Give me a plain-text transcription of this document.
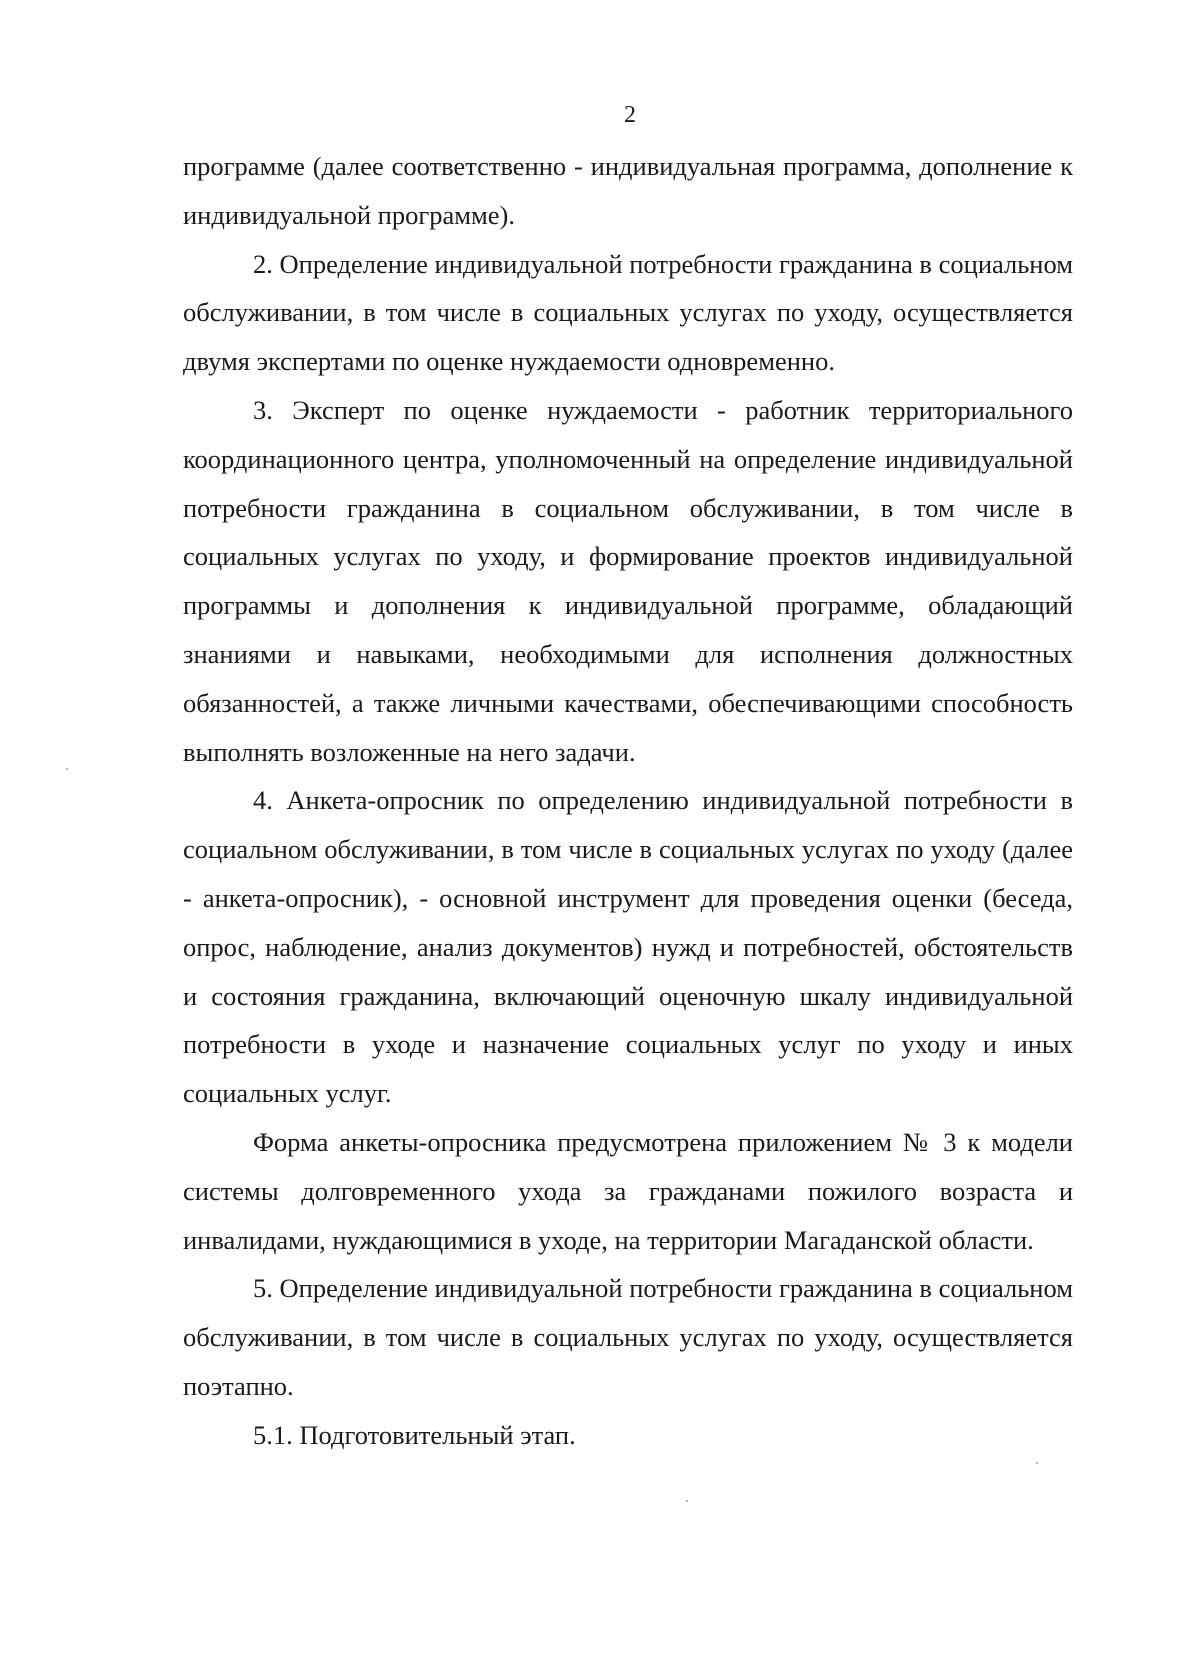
2

программе (далее соответственно - индивидуальная программа, дополнение к индивидуальной программе).

2. Определение индивидуальной потребности гражданина в социальном обслуживании, в том числе в социальных услугах по уходу, осуществляется двумя экспертами по оценке нуждаемости одновременно.

3. Эксперт по оценке нуждаемости - работник территориального координационного центра, уполномоченный на определение индивидуальной потребности гражданина в социальном обслуживании, в том числе в социальных услугах по уходу, и формирование проектов индивидуальной программы и дополнения к индивидуальной программе, обладающий знаниями и навыками, необходимыми для исполнения должностных обязанностей, а также личными качествами, обеспечивающими способность выполнять возложенные на него задачи.

4. Анкета-опросник по определению индивидуальной потребности в социальном обслуживании, в том числе в социальных услугах по уходу (далее - анкета-опросник), - основной инструмент для проведения оценки (беседа, опрос, наблюдение, анализ документов) нужд и потребностей, обстоятельств и состояния гражданина, включающий оценочную шкалу индивидуальной потребности в уходе и назначение социальных услуг по уходу и иных социальных услуг.

Форма анкеты-опросника предусмотрена приложением № 3 к модели системы долговременного ухода за гражданами пожилого возраста и инвалидами, нуждающимися в уходе, на территории Магаданской области.

5. Определение индивидуальной потребности гражданина в социальном обслуживании, в том числе в социальных услугах по уходу, осуществляется поэтапно.

5.1. Подготовительный этап.
